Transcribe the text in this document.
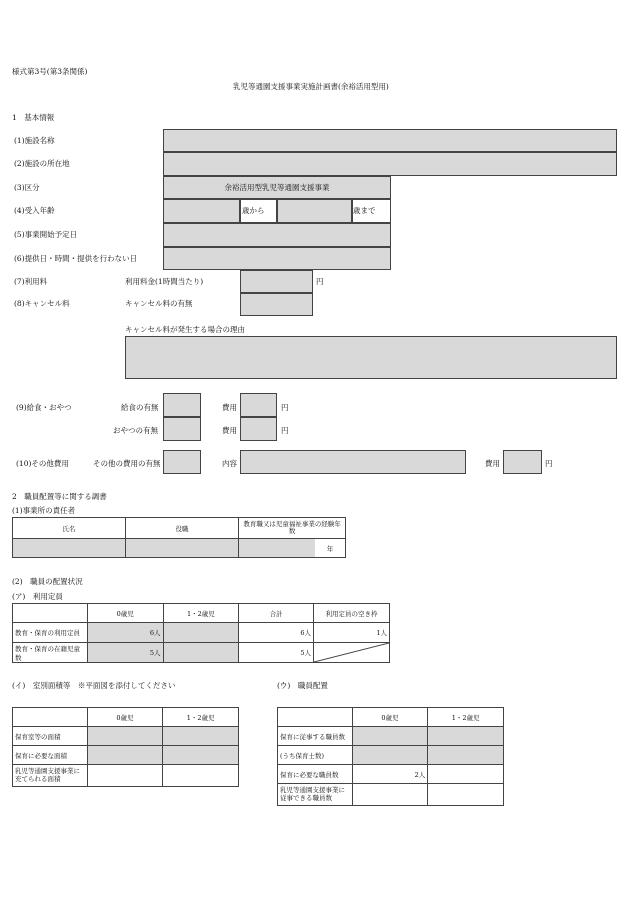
様式第3号(第3条関係)
乳児等通園支援事業実施計画書(余裕活用型用)
1　基本情報
(1)施設名称
(2)施設の所在地
(3)区分	余裕活用型乳児等通園支援事業
(4)受入年齢	歳から	歳まで
(5)事業開始予定日
(6)提供日・時間・提供を行わない日
(7)利用料	利用料金(1時間当たり)	円
(8)キャンセル料	キャンセル料の有無
キャンセル料が発生する場合の理由
(9)給食・おやつ	給食の有無	費用	円
おやつの有無	費用	円
(10)その他費用	その他の費用の有無	内容	費用	円
2　職員配置等に関する調書
(1)事業所の責任者
氏名	役職	教育職又は児童福祉事業の経験年数

年
(2)　職員の配置状況
(ア)　利用定員
	0歳児	1・2歳児	合計	利用定員の空き枠
教育・保育の利用定員	6人		6人	1人
教育・保育の在籍児童数	5人		5人	
(イ)　室別面積等　※平面図を添付してください
	0歳児	1・2歳児
保育室等の面積		
保育に必要な面積		
乳児等通園支援事業に充てられる面積		
(ウ)　職員配置
	0歳児	1・2歳児
保育に従事する職員数		
(うち保育士数)		
保育に必要な職員数	2人	
乳児等通園支援事業に従事できる職員数		
